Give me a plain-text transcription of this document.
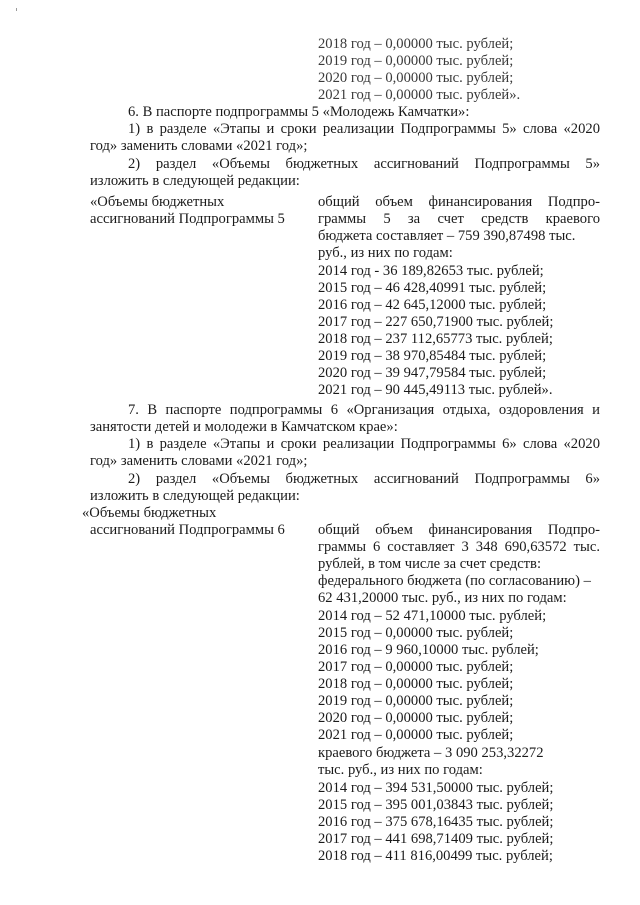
2018 год – 0,00000 тыс. рублей;
2019 год – 0,00000 тыс. рублей;
2020 год – 0,00000 тыс. рублей;
2021 год – 0,00000 тыс. рублей».
6. В паспорте подпрограммы 5 «Молодежь Камчатки»:
1) в разделе «Этапы и сроки реализации Подпрограммы 5» слова «2020
год» заменить словами «2021 год»;
2) раздел «Объемы бюджетных ассигнований Подпрограммы 5»
изложить в следующей редакции:
«Объемы бюджетных
ассигнований Подпрограммы 5
общий объем финансирования Подпро-
граммы 5 за счет средств краевого
бюджета составляет – 759 390,87498 тыс.
руб., из них по годам:
2014 год - 36 189,82653 тыс. рублей;
2015 год – 46 428,40991 тыс. рублей;
2016 год – 42 645,12000 тыс. рублей;
2017 год – 227 650,71900 тыс. рублей;
2018 год – 237 112,65773 тыс. рублей;
2019 год – 38 970,85484 тыс. рублей;
2020 год – 39 947,79584 тыс. рублей;
2021 год – 90 445,49113 тыс. рублей».
7. В паспорте подпрограммы 6 «Организация отдыха, оздоровления и
занятости детей и молодежи в Камчатском крае»:
1) в разделе «Этапы и сроки реализации Подпрограммы 6» слова «2020
год» заменить словами «2021 год»;
2) раздел «Объемы бюджетных ассигнований Подпрограммы 6»
изложить в следующей редакции:
«Объемы бюджетных
ассигнований Подпрограммы 6 общий объем финансирования Подпро-
граммы 6 составляет 3 348 690,63572 тыс.
рублей, в том числе за счет средств:
федерального бюджета (по согласованию) –
62 431,20000 тыс. руб., из них по годам:
2014 год – 52 471,10000 тыс. рублей;
2015 год – 0,00000 тыс. рублей;
2016 год – 9 960,10000 тыс. рублей;
2017 год – 0,00000 тыс. рублей;
2018 год – 0,00000 тыс. рублей;
2019 год – 0,00000 тыс. рублей;
2020 год – 0,00000 тыс. рублей;
2021 год – 0,00000 тыс. рублей;
краевого бюджета – 3 090 253,32272
тыс. руб., из них по годам:
2014 год – 394 531,50000 тыс. рублей;
2015 год – 395 001,03843 тыс. рублей;
2016 год – 375 678,16435 тыс. рублей;
2017 год – 441 698,71409 тыс. рублей;
2018 год – 411 816,00499 тыс. рублей;
